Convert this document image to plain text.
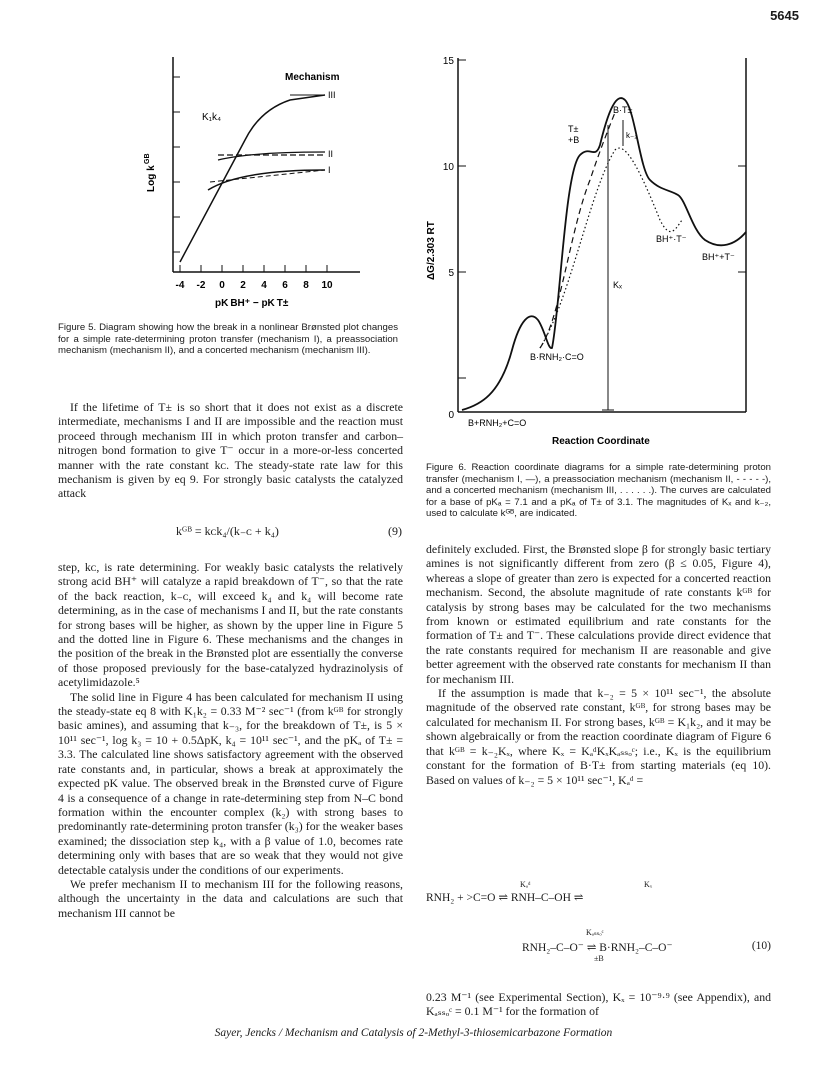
5645
Mechanism
III
II
I
K₁k₄
Log k
GB
-4 -2 0 2 4 6 8 10
pK BH⁺ − pK T±
Figure 5. Diagram showing how the break in a nonlinear Brønsted plot changes for a simple rate-determining proton transfer (mechanism I), a preassociation mechanism (mechanism II), and a concerted mechanism (mechanism III).
15
10
5
0
ΔG/2.303 RT
B·T±
T±
+B	k₋₂
BH⁺·T⁻
BH⁺+T⁻
Kₓ
B·RNH₂·C=O
B+RNH₂+C=O
Reaction Coordinate
Figure 6. Reaction coordinate diagrams for a simple rate-determining proton transfer (mechanism I, —), a preassociation mechanism (mechanism II, - - - - -), and a concerted mechanism (mechanism III, . . . . . .). The curves are calculated for a base of pKₐ = 7.1 and a pKₐ of T± of 3.1. The magnitudes of Kₓ and k₋₂, used to calculate kᴳᴮ, are indicated.

If the lifetime of T± is so short that it does not exist as a discrete intermediate, mechanisms I and II are impossible and the reaction must proceed through mechanism III in which proton transfer and carbon–nitrogen bond formation to give T⁻ occur in a more-or-less concerted manner with the rate constant kᴄ. The steady-state rate law for this mechanism is given by eq 9. For strongly basic catalysts the catalyzed attack

kᴳᴮ = kᴄk₄/(k₋ᴄ + k₄)	(9)

step, kᴄ, is rate determining. For weakly basic catalysts the relatively strong acid BH⁺ will catalyze a rapid breakdown of T⁻, so that the rate of the back reaction, k₋ᴄ, will exceed k₄ and k₄ will become rate determining, as in the case of mechanisms I and II, but the rate constants for strong bases will be higher, as shown by the upper line in Figure 5 and the dotted line in Figure 6. These mechanisms and the changes in the position of the break in the Brønsted plot are essentially the converse of those proposed previously for the base-catalyzed hydrazinolysis of acetylimidazole.⁵

The solid line in Figure 4 has been calculated for mechanism II using the steady-state eq 8 with K₁k₂ = 0.33 M⁻² sec⁻¹ (from kᴳᴮ for strongly basic amines), and assuming that k₋₃, for the breakdown of T±, is 5 × 10¹¹ sec⁻¹, log k₃ = 10 + 0.5ΔpK, k₄ = 10¹¹ sec⁻¹, and the pKₐ of T± = 3.3. The calculated line shows satisfactory agreement with the observed rate constants and, in particular, shows a break at approximately the expected pK value. The observed break in the Brønsted curve of Figure 4 is a consequence of a change in rate-determining step from N–C bond formation within the encounter complex (k₂) with strong bases to predominantly rate-determining proton transfer (k₃) for the weaker bases examined; the dissociation step k₄, with a β value of 1.0, becomes rate determining only with bases that are so weak that they would not give detectable catalysis under the conditions of our experiments.

We prefer mechanism II to mechanism III for the following reasons, although the uncertainty in the data and calculations are such that mechanism III cannot be

definitely excluded. First, the Brønsted slope β for strongly basic tertiary amines is not significantly different from zero (β ≤ 0.05, Figure 4), whereas a slope of greater than zero is expected for a concerted reaction mechanism. Second, the absolute magnitude of rate constants kᴳᴮ for catalysis by strong bases may be calculated for the two mechanisms from known or estimated equilibrium and rate constants for the formation of T± and T⁻. These calculations provide direct evidence that the rate constants required for mechanism II are reasonable and give better agreement with the observed rate constants for mechanism II than for mechanism III.

If the assumption is made that k₋₂ = 5 × 10¹¹ sec⁻¹, the absolute magnitude of the observed rate constant, kᴳᴮ, for strong bases may be calculated for mechanism II. For strong bases, kᴳᴮ = K₁k₂, and it may be shown algebraically or from the reaction coordinate diagram of Figure 6 that kᴳᴮ = k₋₂Kₓ, where Kₓ = KₐᵈKₓKₐₛₛₒᶜ; i.e., Kₓ is the equilibrium constant for the formation of B·T± from starting materials (eq 10). Based on values of k₋₂ = 5 × 10¹¹ sec⁻¹, Kₐᵈ =

Kₐᵈ	Kₓ
RNH₂ + >C=O ⇌ RNH–C–OH ⇌
Kₐₛₛₒᶜ
RNH₂–C–O⁻ ⇌ B·RNH₂–C–O⁻
±B
(10)

0.23 M⁻¹ (see Experimental Section), Kₓ = 10⁻⁹·⁹ (see Appendix), and Kₐₛₛₒᶜ = 0.1 M⁻¹ for the formation of

Sayer, Jencks / Mechanism and Catalysis of 2-Methyl-3-thiosemicarbazone Formation
